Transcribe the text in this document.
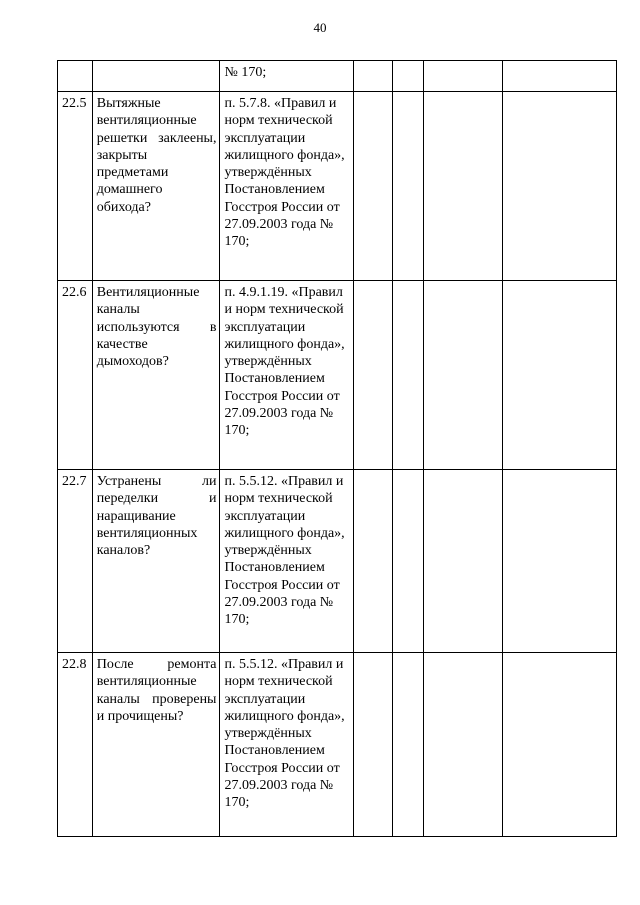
40
		№ 170;				
22.5	Вытяжные вентиляционные решетки заклеены, закрыты предметами домашнего обихода?	п. 5.7.8. «Правил и норм технической эксплуатации жилищного фонда», утверждённых Постановлением Госстроя России от 27.09.2003 года № 170;				
22.6	Вентиляционные каналы используются в качестве дымоходов?	п. 4.9.1.19. «Правил и норм технической эксплуатации жилищного фонда», утверждённых Постановлением Госстроя России от 27.09.2003 года № 170;				
22.7	Устранены ли переделки и наращивание вентиляционных каналов?	п. 5.5.12. «Правил и норм технической эксплуатации жилищного фонда», утверждённых Постановлением Госстроя России от 27.09.2003 года № 170;				
22.8	После ремонта вентиляционные каналы проверены и прочищены?	п. 5.5.12. «Правил и норм технической эксплуатации жилищного фонда», утверждённых Постановлением Госстроя России от 27.09.2003 года № 170;				
